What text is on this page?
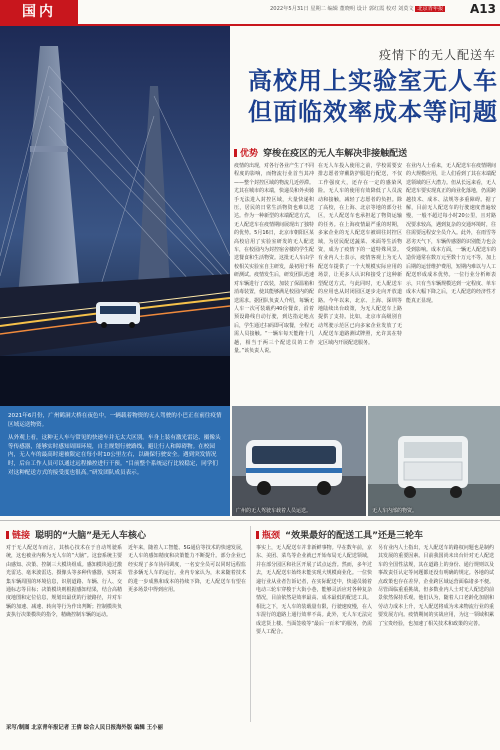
国内	2022年5月31日 星期二 编辑 董晓明 设计 郭红霞 校对 刘莫文 北京青年报	A13
疫情下的无人配送车
高校用上实验室无人车
但面临效率成本等问题
优势 穿梭在疫区的无人车解决非接触配送
疫情的出现，对各行各业产生了不同程度的影响，而物流行业首当其冲——整个封控区域的物流几近停滞。尤其在城市的末端，快递员和外卖骑手无法进入封控区域，大量快递积压，居民的日常生活物资也难以送达。作为一种新型的末端配送方式，无人配送车在疫情期间展现出了独特的优势。5月16日，北京市朝阳区某高校启用了实验室研发的无人配送车，在校园内为封控宿舍楼的学生配送餐食和生活物资。这批无人车由学校相关实验室自主研发，最初用于科研测试。疫情发生后，研发团队迅速对车辆进行了改装，加装了保温箱和消毒装置，使其能够满足校园内的配送需求。据团队负责人介绍，每辆无人车一次可装载约40份餐食，沿着预设路线自动行驶，到达指定地点后，学生通过扫码即可取餐，全程无需人员接触。“一辆车每天能跑十几趟，相当于两三个配送员的工作量。”该负责人说。
在无人车投入使用之前，学校需要安排志愿者穿戴防护服进行配送，不仅工作强度大，还存在一定的感染风险。无人车的使用有效降低了人员流动和接触，减轻了志愿者的负担。除了高校，在上海、北京等地的部分社区，无人配送车也承担起了物资运输的任务。在上海疫情最严重的时期，多家企业的无人配送车被调往封控区域，为居民配送蔬菜、米面等生活物资，成为了疫情下的一道特殊风景。有业内人士表示，疫情客观上为无人配送车提供了一个大规模实际应用的场景，让更多人认识和接受了这种新型配送方式。与此同时，无人配送车的应用也从封闭园区逐步走向开放道路。今年以来，北京、上海、深圳等地陆续出台政策，为无人配送车上路提供了支持。比如，北京市高级别自动驾驶示范区已向多家企业发放了无人配送车道路测试牌照，允许其在特定区域内开展配送服务。
在业内人士看来，无人配送车在疫情期间的大规模应用，让人们看到了其在末端配送领域的巨大潜力。但从长远来看，无人配送车要实现真正的商业化落地，仍需跨越技术、成本、法规等多重障碍。据了解，目前无人配送车的行驶速度普遍较慢，一般不超过每小时20公里，且对路况要求较高，遇到复杂的交通环境时，往往需要远程安全员介入。此外，在雨雪等恶劣天气下，车辆传感器的识别能力也会受到影响。成本方面，一辆无人配送车的造价通常在数万元至数十万元不等，加上后期的运营维护费用，短期内难以与人工配送形成成本优势。一位行业分析师表示，只有当车辆规模达到一定程度、单车成本大幅下降之后，无人配送的经济性才能真正显现。
2021年6月份，广州鹤洞大桥在夜色中，一辆载着物资的无人驾驶的小巴正在前往疫情区域运送物资。
从外观上看，这种无人车与常见的快递车并无太大区别。车身上装有激光雷达、摄像头等传感器，能够实时感知周围环境，自主规划行驶路线，避让行人和障碍物。在校园内，无人车的最高时速被限定在每小时10公里左右，以确保行驶安全。遇到突发情况时，后台工作人员可以通过远程操控进行干预。“目前整个系统运行比较稳定，同学们对这种配送方式的接受度也很高。”研发团队成员表示。
广州的无人驾驶车载着人员运送。	无人车内部的物资。
链接 聪明的“大脑”是无人车核心
对于无人配送车而言，其核心技术在于自动驾驶系统，这也被业内称为无人车的“大脑”。这套系统主要由感知、决策、控制三大模块组成。感知模块通过激光雷达、毫米波雷达、摄像头等多种传感器，实时采集车辆周围的环境信息，识别道路、车辆、行人、交通标志等目标；决策模块则根据感知结果，结合高精度地图和定位信息，规划出最优的行驶路径，并对车辆的加速、减速、转向等行为作出判断；控制模块负责执行决策模块的指令，精确控制车辆的运动。
近年来，随着人工智能、5G通信等技术的快速发展，无人车的感知精度和决策能力不断提升。部分企业已经实现了多车协同调度，一名安全员可以同时远程监管多辆无人车的运行。业内专家认为，未来随着技术的进一步成熟和成本的持续下降，无人配送车有望在更多场景中得到应用。
瓶颈 “效果最好的配送工具”还是三轮车
事实上，无人配送车并非新鲜事物。早在数年前，京东、美团、菜鸟等企业就已开始布局无人配送领域，并在部分园区和社区开展了试点运营。然而，多年过去，无人配送车始终未能实现大规模商业化。一位快递行业从业者告诉记者，在实际配送中，快递员骑着电动三轮车穿梭于大街小巷，能够灵活应对各种复杂情况，目前依然是效率最高、成本最低的配送工具。相比之下，无人车的装载量有限，行驶速度慢，在人车混行的道路上通行效率不高。此外，无人车无法完成送货上楼、当面签收等“最后一百米”的服务，仍需要人工配合。
另有业内人士指出，无人配送车的路权问题也是制约其发展的重要因素。目前我国尚未出台针对无人配送车的全国性法规，其在道路上的身份、通行规则以及事故责任认定等问题都还没有明确的规定。各地的试点政策也存在差异，企业跨区域运营面临诸多不便。尽管面临重重挑战，但多数业内人士对无人配送的前景依然保持乐观。他们认为，随着人口老龄化加剧和劳动力成本上升，无人配送将成为未来物流行业的重要发展方向。疫情期间的实战应用，为这一领域积累了宝贵经验，也加速了相关技术和政策的完善。
采写/制图 北京青年报记者 王倩 综合人民日报海外版 编辑 王小丽
